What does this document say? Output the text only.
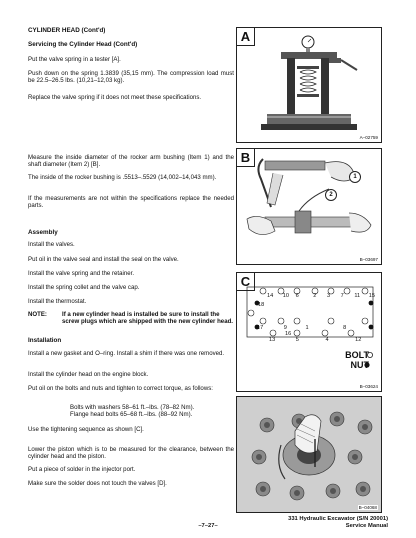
CYLINDER HEAD (Cont'd)

Servicing the Cylinder Head (Cont'd)

Put the valve spring in a tester [A].

Push down on the spring 1.3839 (35,15 mm). The compression load must be 22.5–26.5 lbs. (10,21–12,03 kg).

Replace the valve spring if it does not meet these specifications.

Measure the inside diameter of the rocker arm bushing (Item 1) and the shaft diameter (Item 2) [B].

The inside of the rocker bushing is .5513–.5529 (14,002–14,043 mm).

If the measurements are not within the specifications replace the needed parts.

Assembly

Install the valves.

Put oil in the valve seal and install the seal on the valve.

Install the valve spring and the retainer.

Install the spring collet and the valve cap.

Install the thermostat.

NOTE: If a new cylinder head is installed be sure to install the screw plugs which are shipped with the new cylinder head.

Installation

Install a new gasket and O–ring. Install a shim if there was one removed.

Install the cylinder head on the engine block.

Put oil on the bolts and nuts and tighten to correct torque, as follows:

Bolts with washers 58–61 ft.–lbs. (78–82 Nm).

Flange head bolts 65–68 ft.–lbs. (88–92 Nm).

Use the tightening sequence as shown [C].

Lower the piston which is to be measured for the clearance, between the cylinder head and the piston.

Put a piece of solder in the injector port.

Make sure the solder does not touch the valves [D].

A
A–02759
B
2
1
B–03697
C
14 10 6	2 3 7 11 15
18
17	9	1	8 16
13	5	4	12
BOLT
NUT
B–03624
B–04068
–7–27–
331 Hydraulic Excavator (S/N 20001)
Service Manual
